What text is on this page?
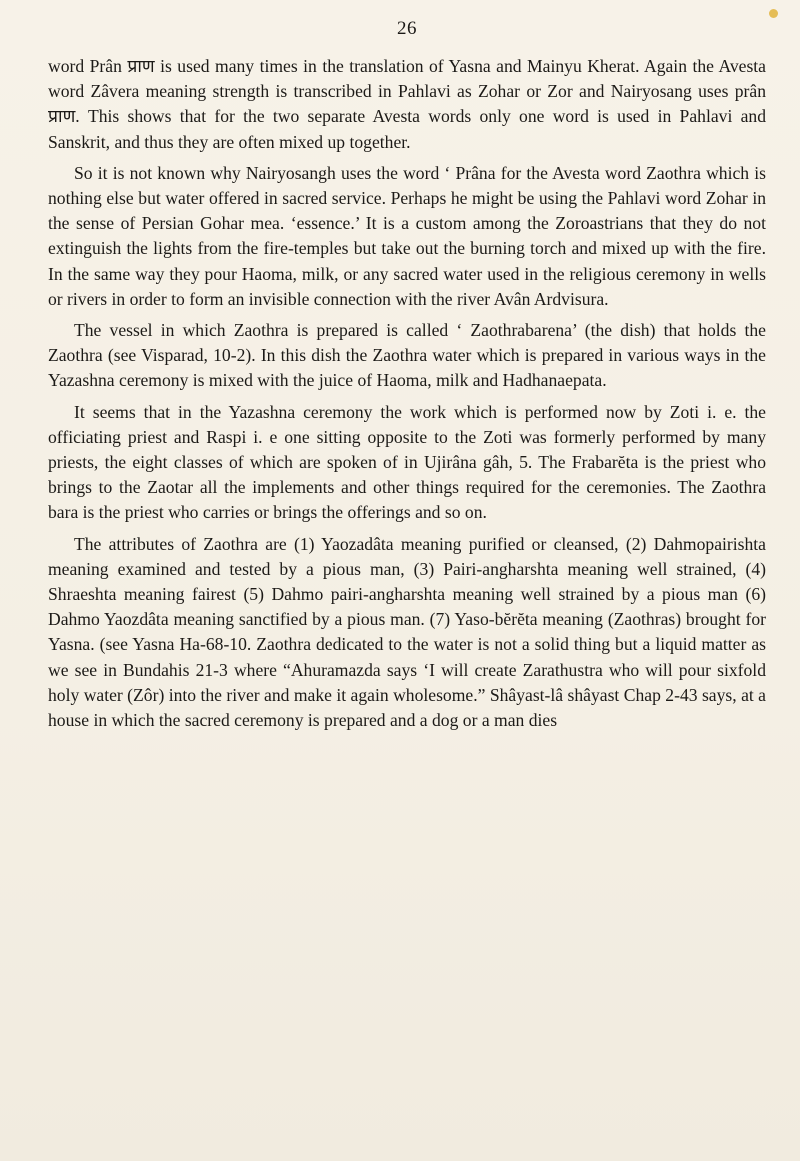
26

word Prân प्राण is used many times in the translation of Yasna and Mainyu Kherat. Again the Avesta word Zâvera meaning strength is transcribed in Pahlavi as Zohar or Zor and Nairyosang uses prân प्राण. This shows that for the two separate Avesta words only one word is used in Pahlavi and Sanskrit, and thus they are often mixed up together.

So it is not known why Nairyosangh uses the word ‘ Prâna for the Avesta word Zaothra which is nothing else but water offered in sacred service. Perhaps he might be using the Pahlavi word Zohar in the sense of Persian Gohar mea. ‘essence.’ It is a custom among the Zoroastrians that they do not extinguish the lights from the fire-temples but take out the burning torch and mixed up with the fire. In the same way they pour Haoma, milk, or any sacred water used in the religious ceremony in wells or rivers in order to form an invisible connection with the river Avân Ardvisura.

The vessel in which Zaothra is prepared is called ‘ Zaothrabarena’ (the dish) that holds the Zaothra (see Visparad, 10-2). In this dish the Zaothra water which is prepared in various ways in the Yazashna ceremony is mixed with the juice of Haoma, milk and Hadhanaepata.

It seems that in the Yazashna ceremony the work which is performed now by Zoti i. e. the officiating priest and Raspi i. e one sitting opposite to the Zoti was formerly performed by many priests, the eight classes of which are spoken of in Ujirâna gâh, 5. The Frabarĕta is the priest who brings to the Zaotar all the implements and other things required for the ceremonies. The Zaothra bara is the priest who carries or brings the offerings and so on.

The attributes of Zaothra are (1) Yaozadâta meaning purified or cleansed, (2) Dahmopairishta meaning examined and tested by a pious man, (3) Pairi-angharshta meaning well strained, (4) Shraeshta meaning fairest (5) Dahmo pairi-angharshta meaning well strained by a pious man (6) Dahmo Yaozdâta meaning sanctified by a pious man. (7) Yaso-bĕrĕta meaning (Zaothras) brought for Yasna. (see Yasna Ha-68-10. Zaothra dedicated to the water is not a solid thing but a liquid matter as we see in Bundahis 21-3 where “Ahuramazda says ‘I will create Zarathustra who will pour sixfold holy water (Zôr) into the river and make it again wholesome.” Shâyast-lâ shâyast Chap 2-43 says, at a house in which the sacred ceremony is prepared and a dog or a man dies
